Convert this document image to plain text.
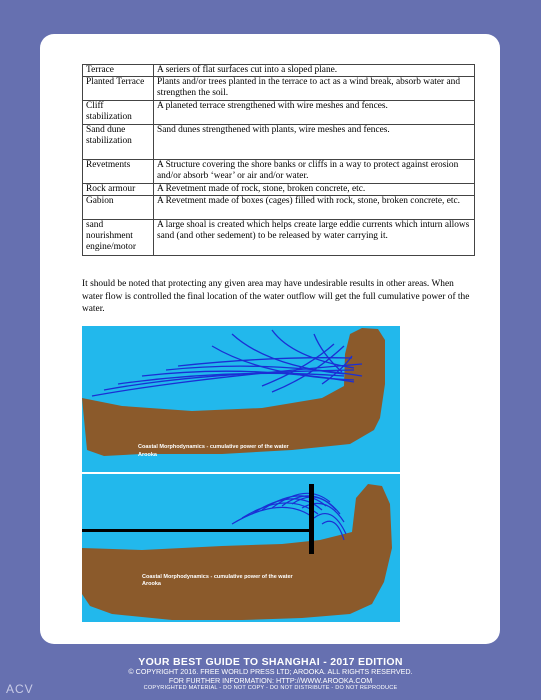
Terrace	A seriers of flat surfaces cut into a sloped plane.
Planted Terrace	Plants and/or trees planted in the terrace to act as a wind break, absorb water and strengthen the soil.
Cliff stabilization	A planeted terrace strengthened with wire meshes and fences.
Sand dune stabilization	Sand dunes strengthened with plants, wire meshes and fences.
Revetments	A Structure covering the shore banks or cliffs in a way to protect against erosion and/or absorb ‘wear’ or air and/or water.
Rock armour	A Revetment made of rock, stone, broken concrete, etc.
Gabion	A Revetment made of boxes (cages) filled with rock, stone, broken concrete, etc.
sand nourishment engine/motor	A large shoal is created which helps create large eddie currents which inturn allows sand (and other sedement) to be released by water carrying it.

It should be noted that protecting any given area may have undesirable results in other areas. When water flow is controlled the final location of the water outflow will get the full cumulative power of the water.

Coastal Morphodynamics - cumulative power of the water
Arooka
Coastal Morphodynamics - cumulative power of the water
Arooka
YOUR BEST GUIDE TO SHANGHAI - 2017 EDITION
© COPYRIGHT 2016. FREE WORLD PRESS LTD; AROOKA. ALL RIGHTS RESERVED.
FOR FURTHER INFORMATION: HTTP://WWW.AROOKA.COM
COPYRIGHTED MATERIAL - DO NOT COPY - DO NOT DISTRIBUTE - DO NOT REPRODUCE
ACV
